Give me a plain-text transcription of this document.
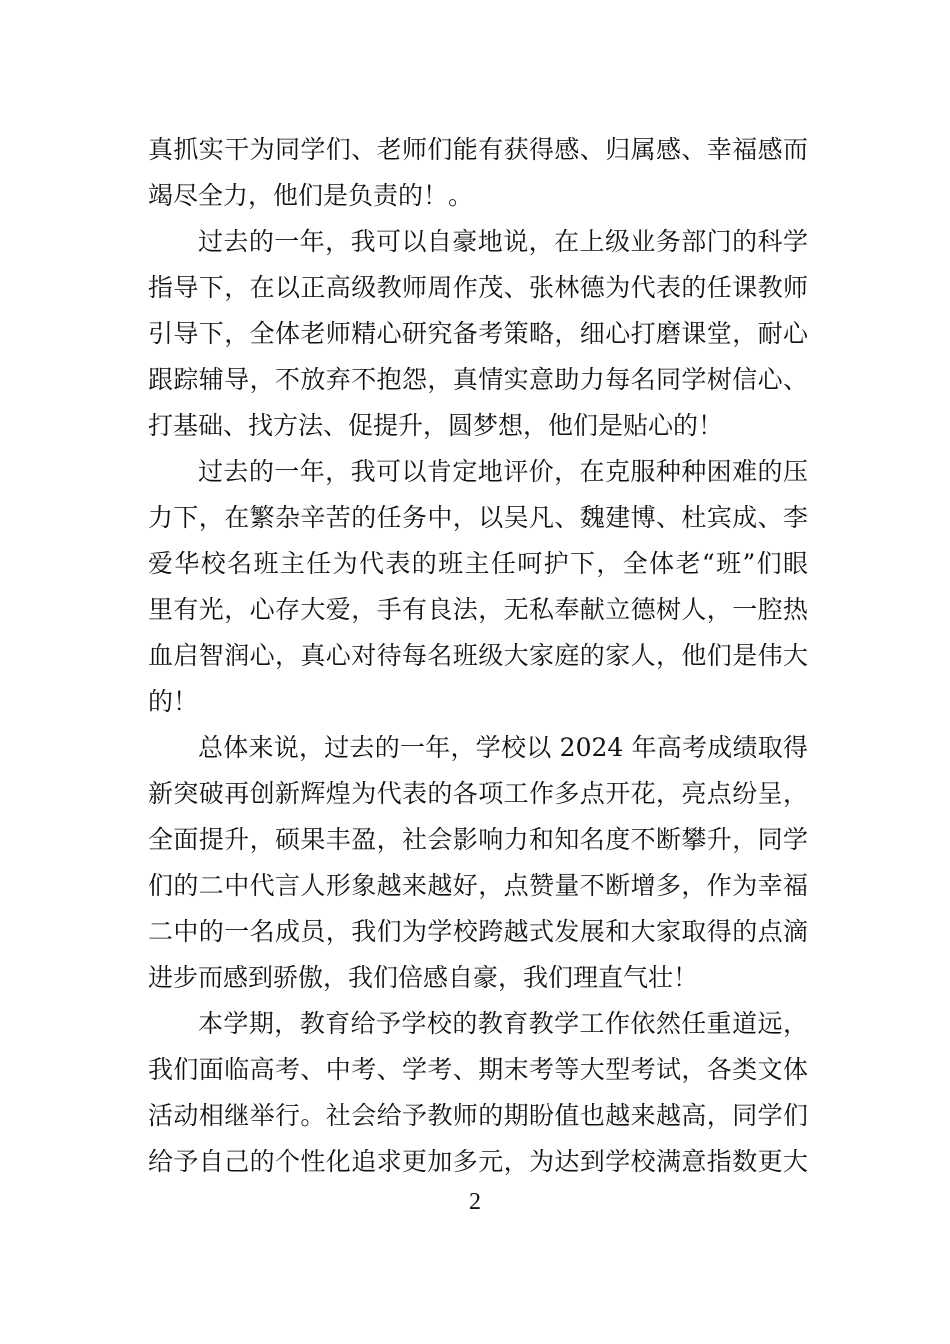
真抓实干为同学们、老师们能有获得感、归属感、幸福感而
竭尽全力，他们是负责的！。
过去的一年，我可以自豪地说，在上级业务部门的科学
指导下，在以正高级教师周作茂、张林德为代表的任课教师
引导下，全体老师精心研究备考策略，细心打磨课堂，耐心
跟踪辅导，不放弃不抱怨，真情实意助力每名同学树信心、
打基础、找方法、促提升，圆梦想，他们是贴心的！
过去的一年，我可以肯定地评价，在克服种种困难的压
力下，在繁杂辛苦的任务中，以吴凡、魏建博、杜宾成、李
爱华校名班主任为代表的班主任呵护下，全体老“班”们眼
里有光，心存大爱，手有良法，无私奉献立德树人，一腔热
血启智润心，真心对待每名班级大家庭的家人，他们是伟大
的！
总体来说，过去的一年，学校以 2024 年高考成绩取得
新突破再创新辉煌为代表的各项工作多点开花，亮点纷呈，
全面提升，硕果丰盈，社会影响力和知名度不断攀升，同学
们的二中代言人形象越来越好，点赞量不断增多，作为幸福
二中的一名成员，我们为学校跨越式发展和大家取得的点滴
进步而感到骄傲，我们倍感自豪，我们理直气壮！
本学期，教育给予学校的教育教学工作依然任重道远，
我们面临高考、中考、学考、期末考等大型考试，各类文体
活动相继举行。社会给予教师的期盼值也越来越高，同学们
给予自己的个性化追求更加多元，为达到学校满意指数更大
2
